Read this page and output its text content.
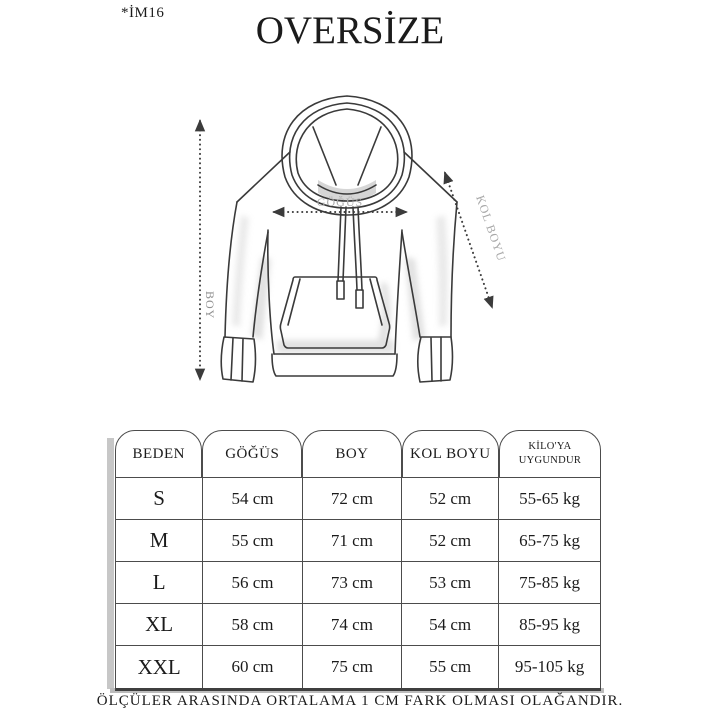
*İM16	OVERSİZE
GÖĞÜS
BOY
KOL BOYU
BEDEN	GÖĞÜS	BOY	KOL BOYU	KİLO'YA UYGUNDUR
S	54 cm	72 cm	52 cm	55-65 kg
M	55 cm	71 cm	52 cm	65-75 kg
L	56 cm	73 cm	53 cm	75-85 kg
XL	58 cm	74 cm	54 cm	85-95 kg
XXL	60 cm	75 cm	55 cm	95-105 kg
ÖLÇÜLER ARASINDA ORTALAMA 1 CM FARK OLMASI OLAĞANDIR.
